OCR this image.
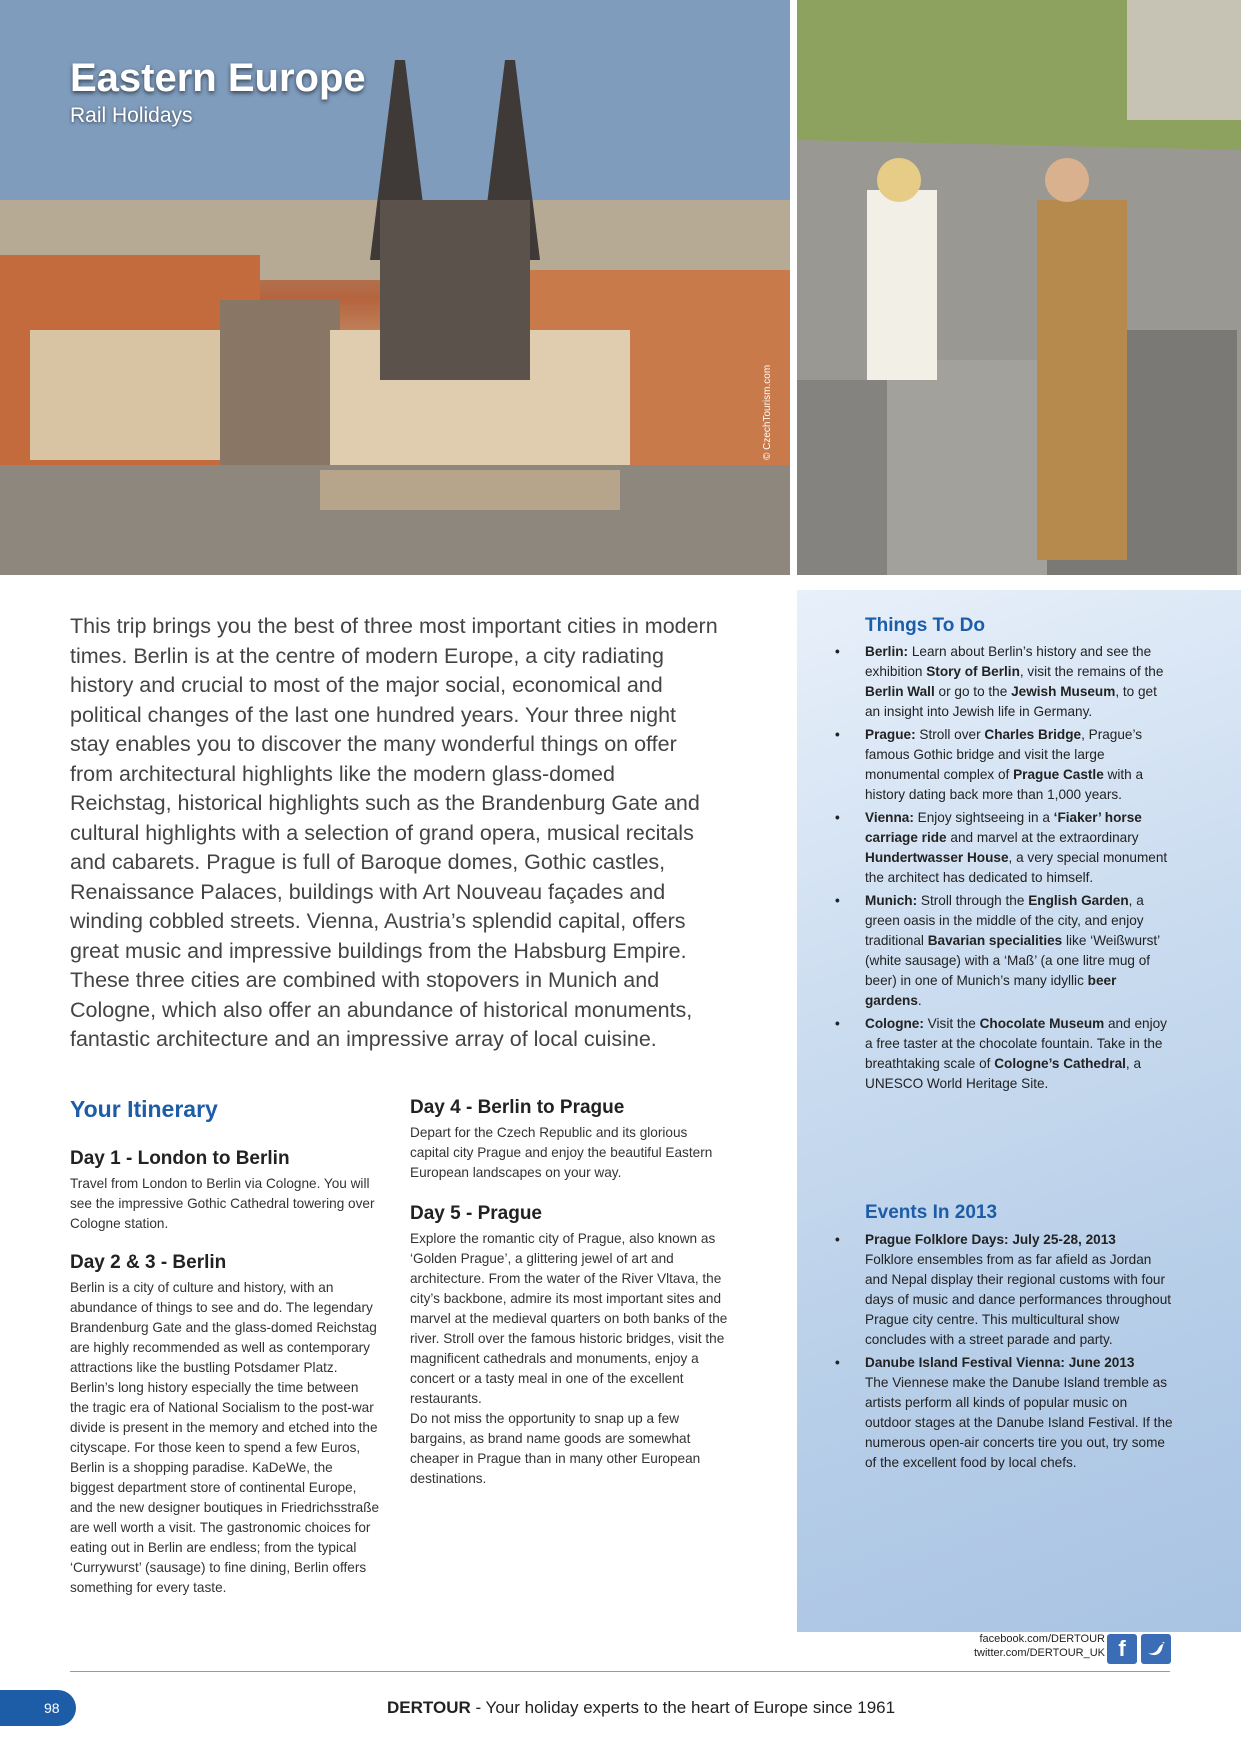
Eastern Europe
Rail Holidays
© CzechTourism.com

This trip brings you the best of three most important cities in modern times. Berlin is at the centre of modern Europe, a city radiating history and crucial to most of the major social, economical and political changes of the last one hundred years. Your three night stay enables you to discover the many wonderful things on offer from architectural highlights like the modern glass-domed Reichstag, historical highlights such as the Brandenburg Gate and cultural highlights with a selection of grand opera, musical recitals and cabarets. Prague is full of Baroque domes, Gothic castles, Renaissance Palaces, buildings with Art Nouveau façades and winding cobbled streets. Vienna, Austria’s splendid capital, offers great music and impressive buildings from the Habsburg Empire. These three cities are combined with stopovers in Munich and Cologne, which also offer an abundance of historical monuments, fantastic architecture and an impressive array of local cuisine.

Your Itinerary
Day 1 - London to Berlin

Travel from London to Berlin via Cologne. You will see the impressive Gothic Cathedral towering over Cologne station.

Day 2 & 3 - Berlin

Berlin is a city of culture and history, with an abundance of things to see and do. The legendary Brandenburg Gate and the glass-domed Reichstag are highly recommended as well as contemporary attractions like the bustling Potsdamer Platz. Berlin’s long history especially the time between the tragic era of National Socialism to the post-war divide is present in the memory and etched into the cityscape. For those keen to spend a few Euros, Berlin is a shopping paradise. KaDeWe, the biggest department store of continental Europe, and the new designer boutiques in Friedrichsstraße are well worth a visit. The gastronomic choices for eating out in Berlin are endless; from the typical ‘Currywurst’ (sausage) to fine dining, Berlin offers something for every taste.

Day 4 - Berlin to Prague

Depart for the Czech Republic and its glorious capital city Prague and enjoy the beautiful Eastern European landscapes on your way.

Day 5 - Prague

Explore the romantic city of Prague, also known as ‘Golden Prague’, a glittering jewel of art and architecture. From the water of the River Vltava, the city’s backbone, admire its most important sites and marvel at the medieval quarters on both banks of the river. Stroll over the famous historic bridges, visit the magnificent cathedrals and monuments, enjoy a concert or a tasty meal in one of the excellent restaurants.

Do not miss the opportunity to snap up a few bargains, as brand name goods are somewhat cheaper in Prague than in many other European destinations.

Things To Do
• Berlin: Learn about Berlin’s history and see the exhibition Story of Berlin, visit the remains of the Berlin Wall or go to the Jewish Museum, to get an insight into Jewish life in Germany.
• Prague: Stroll over Charles Bridge, Prague’s famous Gothic bridge and visit the large monumental complex of Prague Castle with a history dating back more than 1,000 years.
• Vienna: Enjoy sightseeing in a ‘Fiaker’ horse carriage ride and marvel at the extraordinary Hundertwasser House, a very special monument the architect has dedicated to himself.
• Munich: Stroll through the English Garden, a green oasis in the middle of the city, and enjoy traditional Bavarian specialities like ‘Weißwurst’ (white sausage) with a ‘Maß’ (a one litre mug of beer) in one of Munich’s many idyllic beer gardens.
• Cologne: Visit the Chocolate Museum and enjoy a free taster at the chocolate fountain. Take in the breathtaking scale of Cologne’s Cathedral, a UNESCO World Heritage Site.
Events In 2013
• Prague Folklore Days: July 25-28, 2013
Folklore ensembles from as far afield as Jordan and Nepal display their regional customs with four days of music and dance performances throughout Prague city centre. This multicultural show concludes with a street parade and party.
• Danube Island Festival Vienna: June 2013
The Viennese make the Danube Island tremble as artists perform all kinds of popular music on outdoor stages at the Danube Island Festival. If the numerous open-air concerts tire you out, try some of the excellent food by local chefs.
facebook.com/DERTOUR
twitter.com/DERTOUR_UK f
98	DERTOUR - Your holiday experts to the heart of Europe since 1961
